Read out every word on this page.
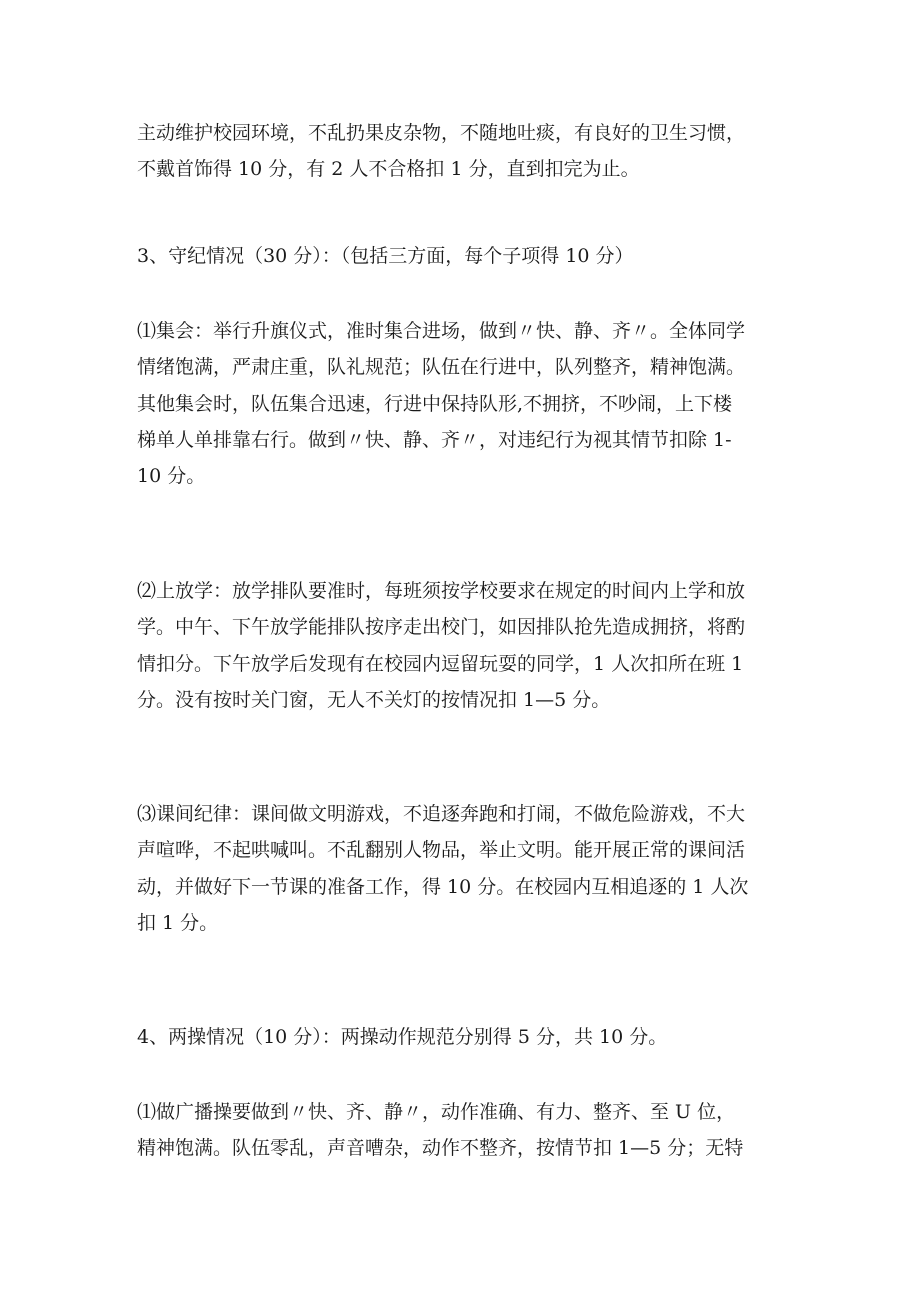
主动维护校园环境，不乱扔果皮杂物，不随地吐痰，有良好的卫生习惯，
不戴首饰得 10 分，有 2 人不合格扣 1 分，直到扣完为止。

3、守纪情况（30 分）：（包括三方面，每个子项得 10 分）

⑴集会：举行升旗仪式，准时集合进场，做到〃快、静、齐〃。全体同学
情绪饱满，严肃庄重，队礼规范；队伍在行进中，队列整齐，精神饱满。
其他集会时，队伍集合迅速，行进中保持队形,不拥挤，不吵闹，上下楼
梯单人单排靠右行。做到〃快、静、齐〃，对违纪行为视其情节扣除 1-
10 分。

⑵上放学：放学排队要准时，每班须按学校要求在规定的时间内上学和放
学。中午、下午放学能排队按序走出校门，如因排队抢先造成拥挤，将酌
情扣分。下午放学后发现有在校园内逗留玩耍的同学，1 人次扣所在班 1
分。没有按时关门窗，无人不关灯的按情况扣 1—5 分。

⑶课间纪律：课间做文明游戏，不追逐奔跑和打闹，不做危险游戏，不大
声喧哗，不起哄喊叫。不乱翻别人物品，举止文明。能开展正常的课间活
动，并做好下一节课的准备工作，得 10 分。在校园内互相追逐的 1 人次
扣 1 分。

4、两操情况（10 分）：两操动作规范分别得 5 分，共 10 分。

⑴做广播操要做到〃快、齐、静〃，动作准确、有力、整齐、至 U 位，
精神饱满。队伍零乱，声音嘈杂，动作不整齐，按情节扣 1—5 分；无特
